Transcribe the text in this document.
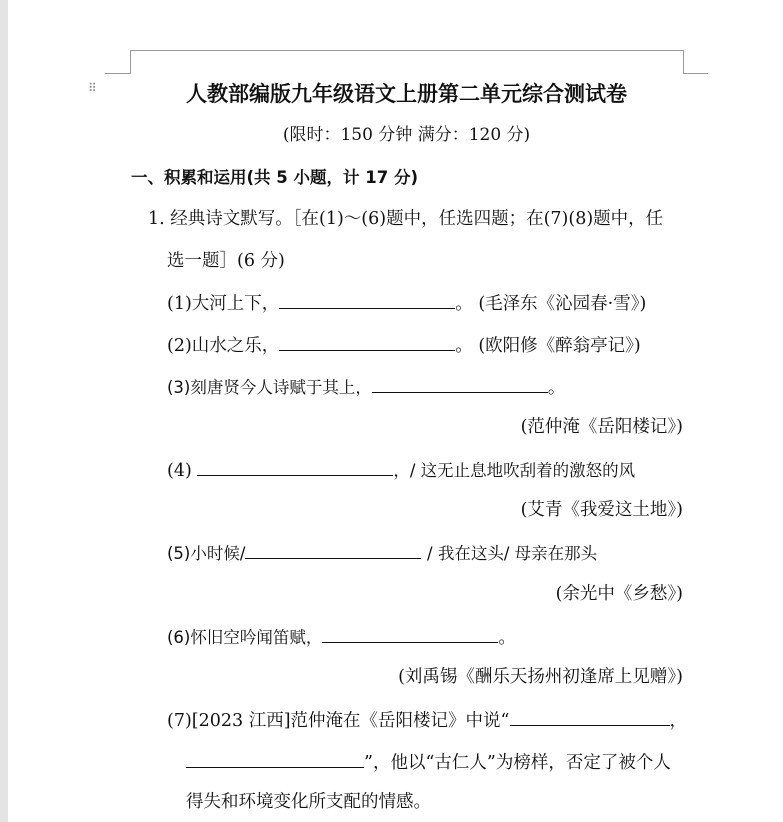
⠿	人教部编版九年级语文上册第二单元综合测试卷
(限时：150 分钟 满分：120 分)
一、积累和运用(共 5 小题，计 17 分)
1. 经典诗文默写。［在(1)～(6)题中，任选四题；在(7)(8)题中，任
选一题］(6 分)
(1)大河上下，	。 (毛泽东《沁园春·雪》)
(2)山水之乐，	。 (欧阳修《醉翁亭记》)
(3)刻唐贤今人诗赋于其上，	。
(范仲淹《岳阳楼记》)
(4)	，/ 这无止息地吹刮着的激怒的风
(艾青《我爱这土地》)
(5)小时候/	/ 我在这头/ 母亲在那头
(余光中《乡愁》)
(6)怀旧空吟闻笛赋，	。
(刘禹锡《酬乐天扬州初逢席上见赠》)
(7)[2023 江西]范仲淹在《岳阳楼记》中说“	，
”，他以“古仁人”为榜样，否定了被个人
得失和环境变化所支配的情感。
